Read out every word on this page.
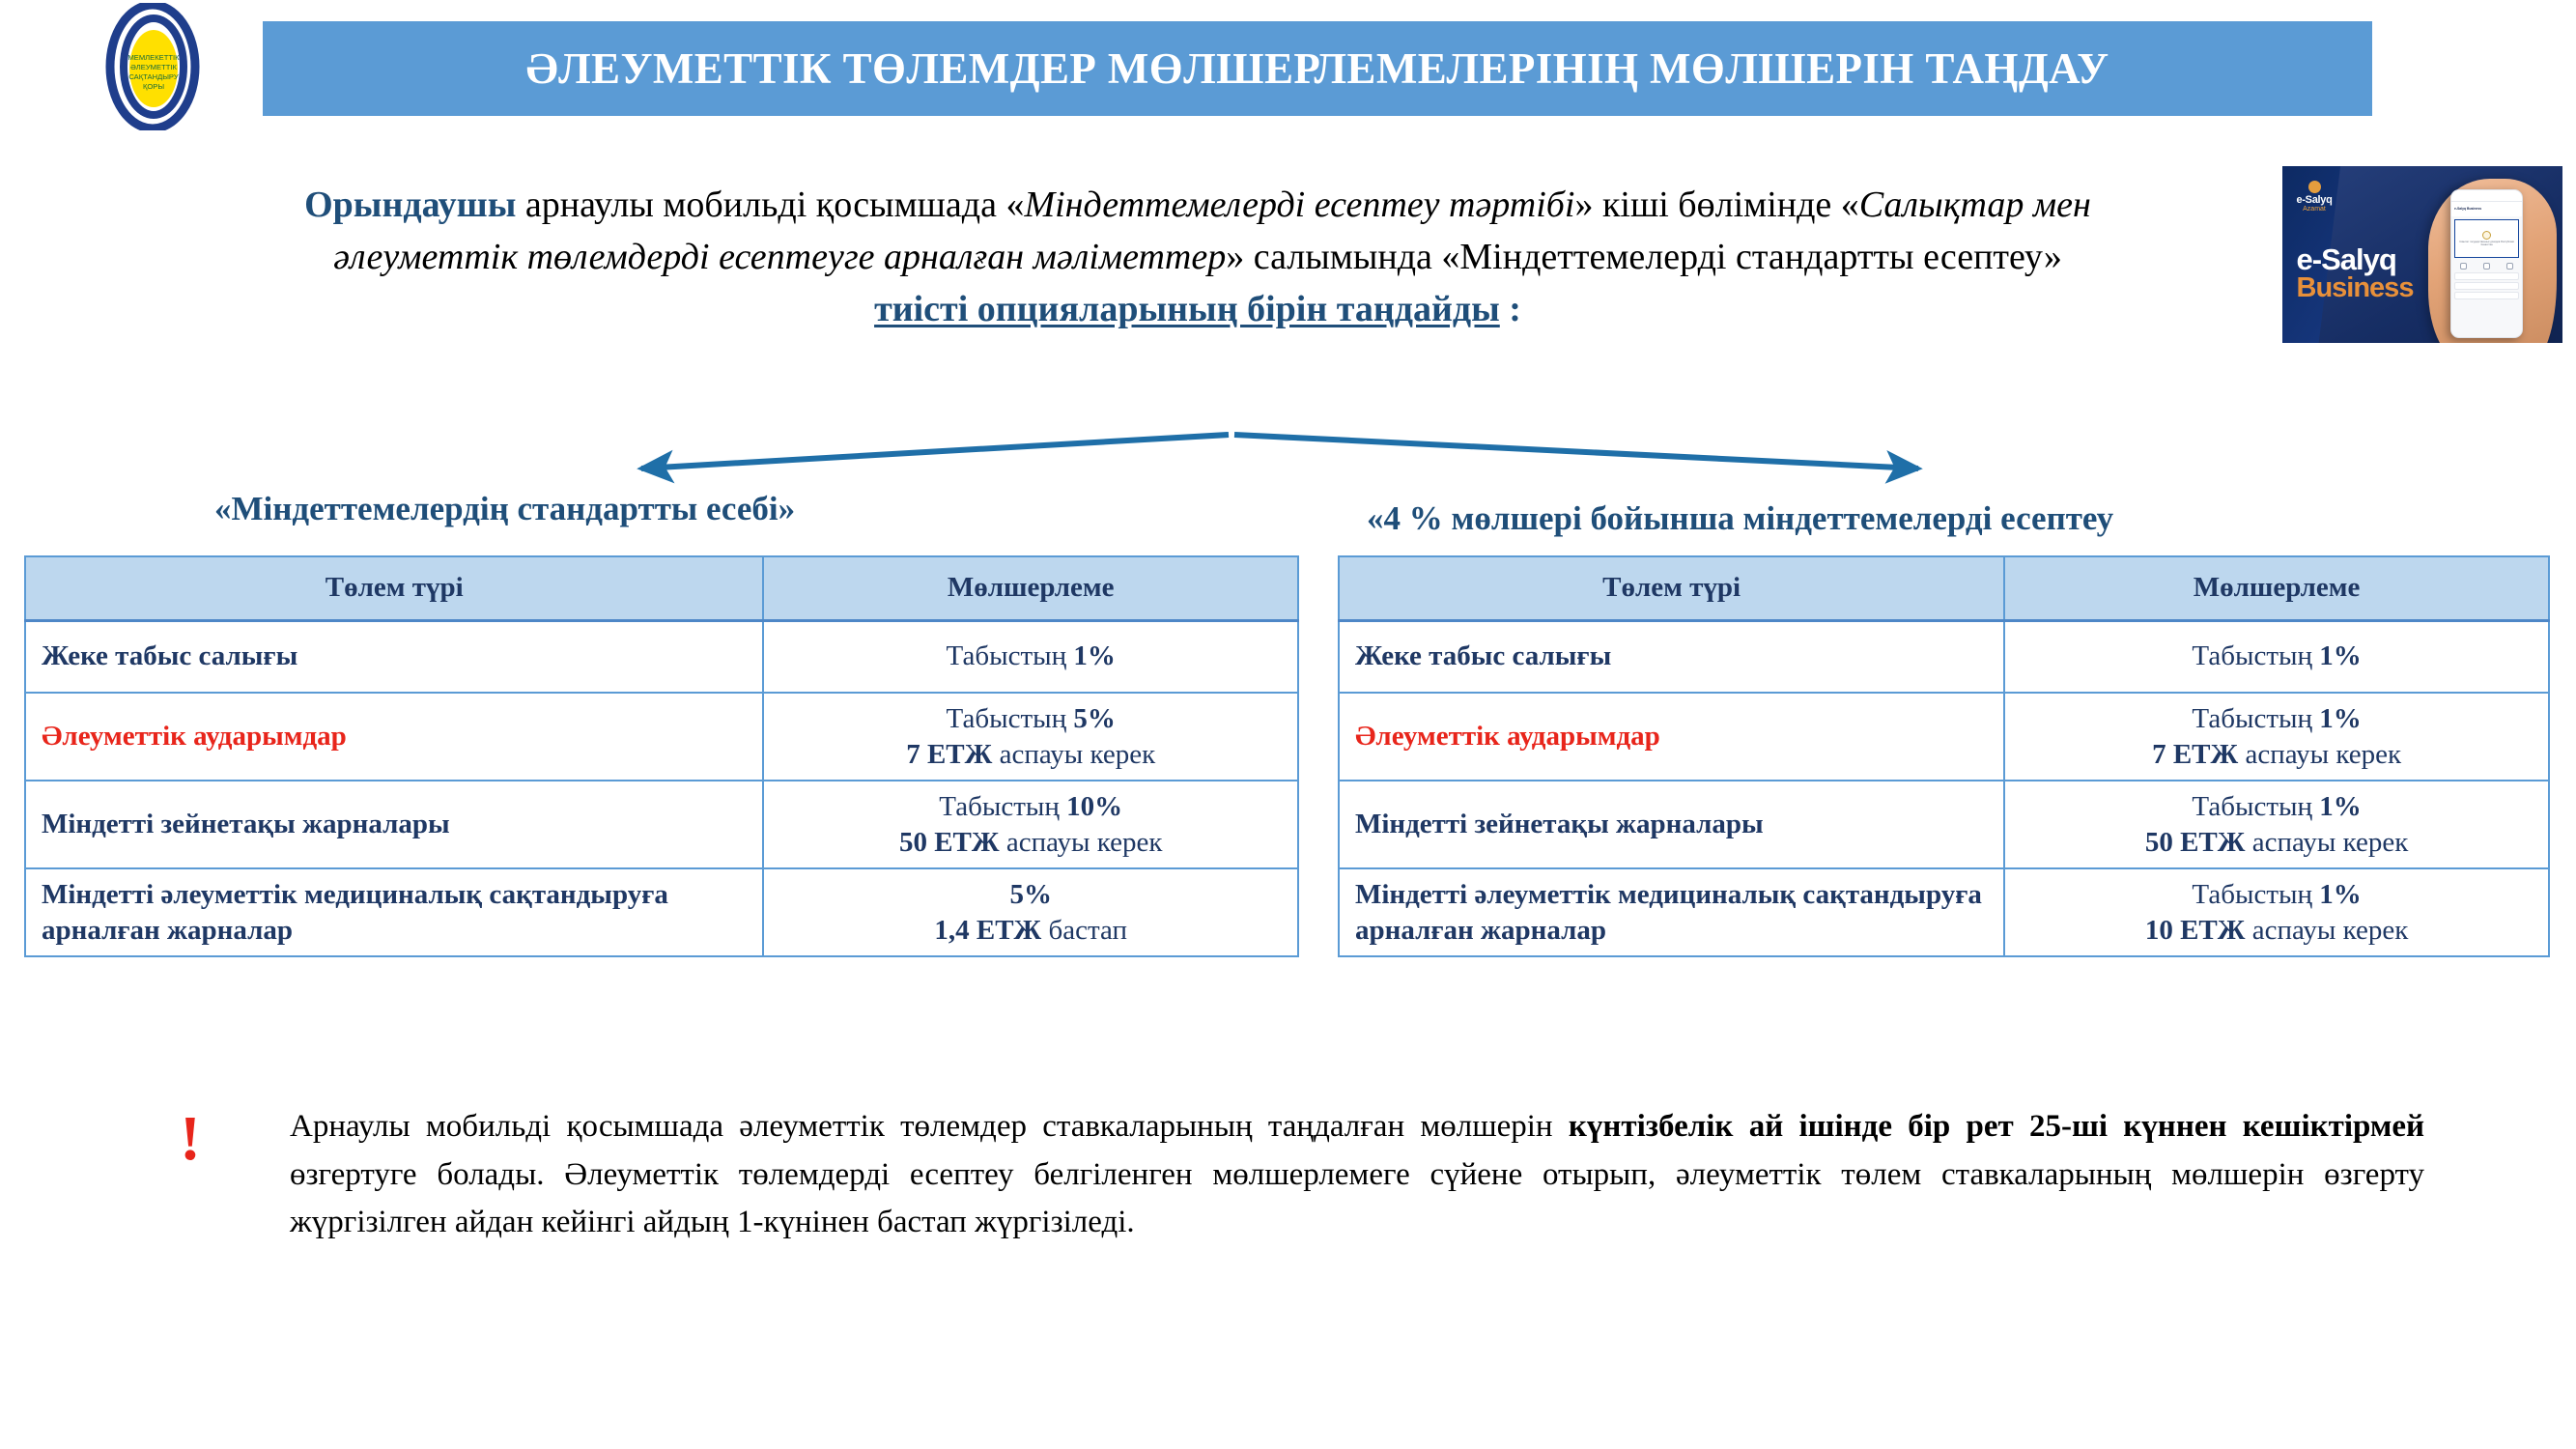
МЕМЛЕКЕТТІК
ӘЛЕУМЕТТІК
САҚТАНДЫРУ
ҚОРЫ	ӘЛЕУМЕТТІК ТӨЛЕМДЕР МӨЛШЕРЛЕМЕЛЕРІНІҢ МӨЛШЕРІН ТАҢДАУ
e-Salyq Business
Комитет государственных доходов Республики Казахстан
e-Salyq
Azamat
e-Salyq
Business
Орындаушы арнаулы мобильді қосымшада «Міндеттемелерді есептеу тәртібі» кіші бөлімінде «Салықтар мен әлеуметтік төлемдерді есептеуге арналған мәліметтер» салымында «Міндеттемелерді стандартты есептеу»
тиісті опцияларының бірін таңдайды :
«Міндеттемелердің стандартты есебі»	«4 % мөлшері бойынша міндеттемелерді есептеу
Төлем түрі	Мөлшерлеме
Жеке табыс салығы	Табыстың 1%
Әлеуметтік аударымдар	Табыстың 5%
7 ЕТЖ аспауы керек
Міндетті зейнетақы жарналары	Табыстың 10%
50 ЕТЖ аспауы керек
Міндетті әлеуметтік медициналық сақтандыруға арналған жарналар	5%
1,4 ЕТЖ бастап
Төлем түрі	Мөлшерлеме
Жеке табыс салығы	Табыстың 1%
Әлеуметтік аударымдар	Табыстың 1%
7 ЕТЖ аспауы керек
Міндетті зейнетақы жарналары	Табыстың 1%
50 ЕТЖ аспауы керек
Міндетті әлеуметтік медициналық сақтандыруға арналған жарналар	Табыстың 1%
10 ЕТЖ аспауы керек
!	Арнаулы мобильді қосымшада әлеуметтік төлемдер ставкаларының таңдалған мөлшерін күнтізбелік ай ішінде бір рет 25-ші күннен кешіктірмей өзгертуге болады. Әлеуметтік төлемдерді есептеу белгіленген мөлшерлемеге сүйене отырып, әлеуметтік төлем ставкаларының мөлшерін өзгерту жүргізілген айдан кейінгі айдың 1-күнінен бастап жүргізіледі.
